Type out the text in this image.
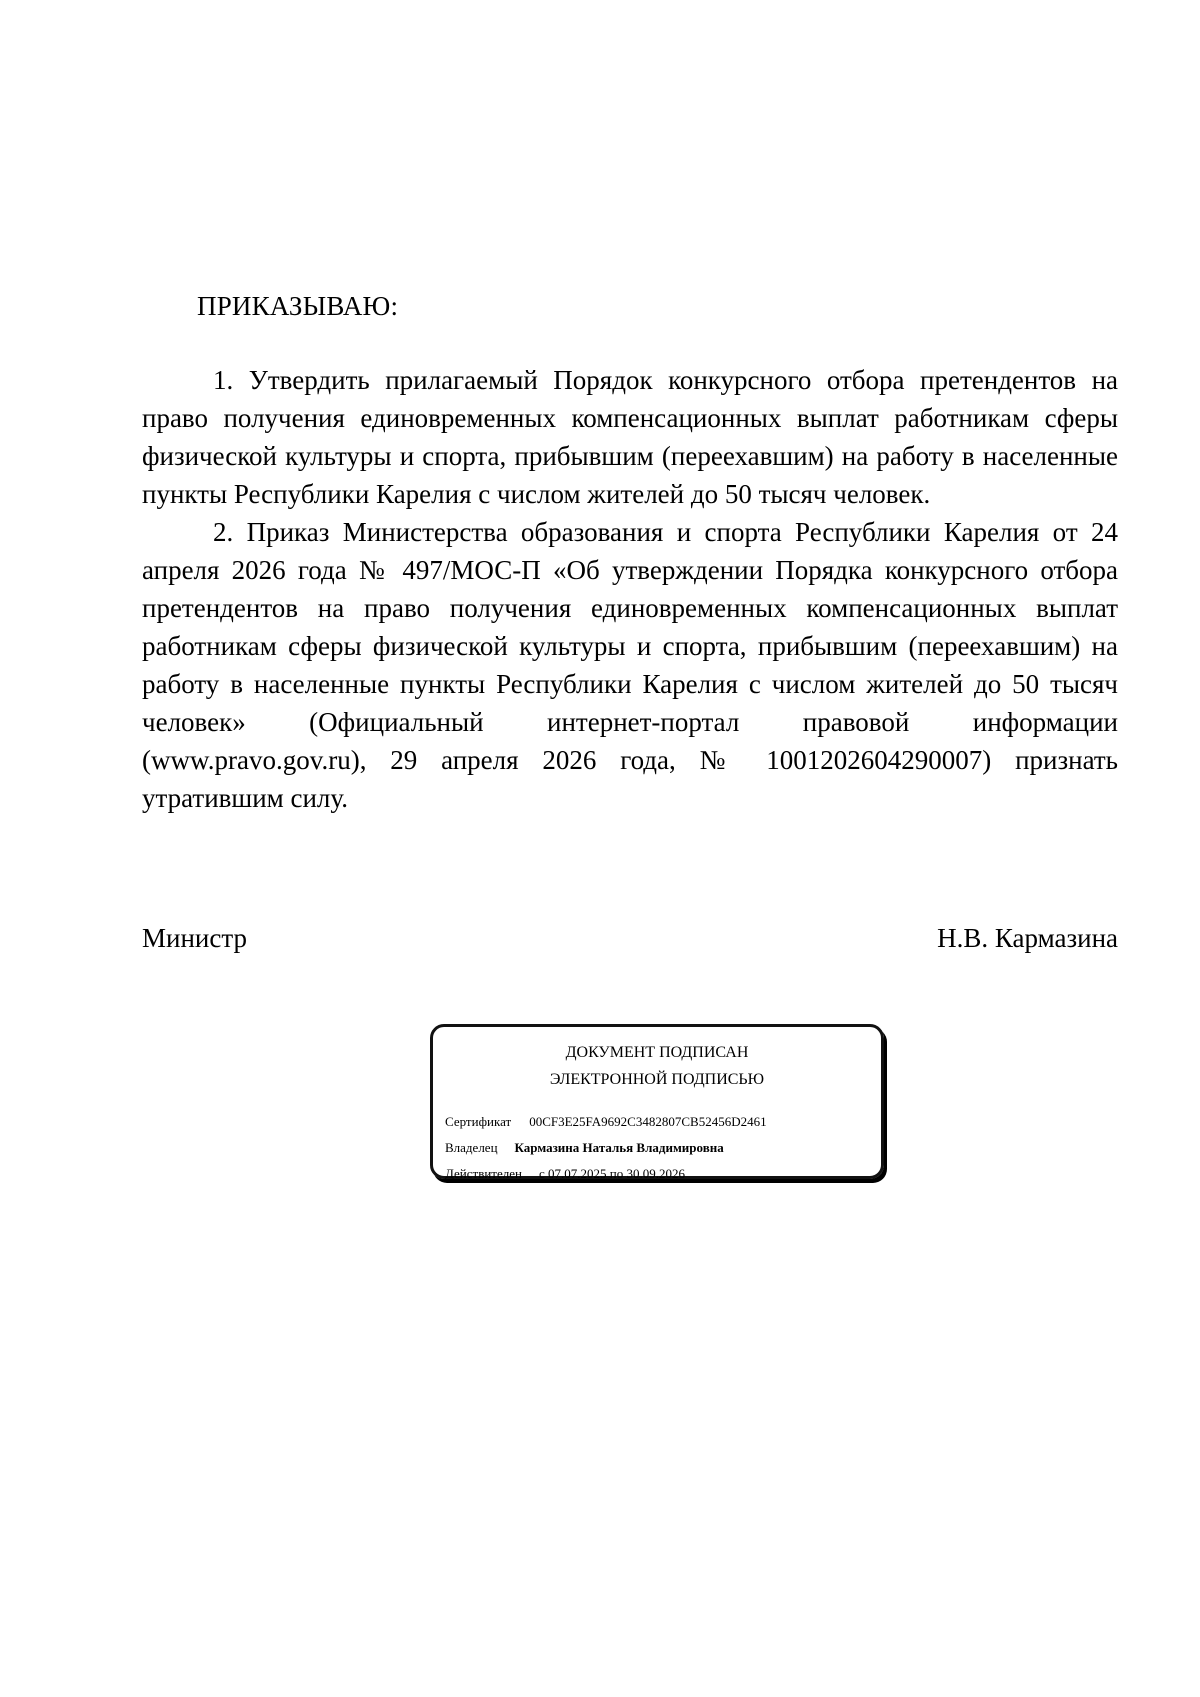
ПРИКАЗЫВАЮ:

1. Утвердить прилагаемый Порядок конкурсного отбора претендентов на право получения единовременных компенсационных выплат работникам сферы физической культуры и спорта, прибывшим (переехавшим) на работу в населенные пункты Республики Карелия с числом жителей до 50 тысяч человек.

2. Приказ Министерства образования и спорта Республики Карелия от 24 апреля 2026 года № 497/МОС-П «Об утверждении Порядка конкурсного отбора претендентов на право получения единовременных компенсационных выплат работникам сферы физической культуры и спорта, прибывшим (переехавшим) на работу в населенные пункты Республики Карелия с числом жителей до 50 тысяч человек» (Официальный интернет-портал правовой информации (www.pravo.gov.ru), 29 апреля 2026 года, № 1001202604290007) признать утратившим силу.

Министр	Н.В. Кармазина
ДОКУМЕНТ ПОДПИСАН
ЭЛЕКТРОННОЙ ПОДПИСЬЮ
Сертификат 00CF3E25FA9692C3482807CB52456D2461
Владелец Кармазина Наталья Владимировна
Действителен с 07.07.2025 по 30.09.2026
